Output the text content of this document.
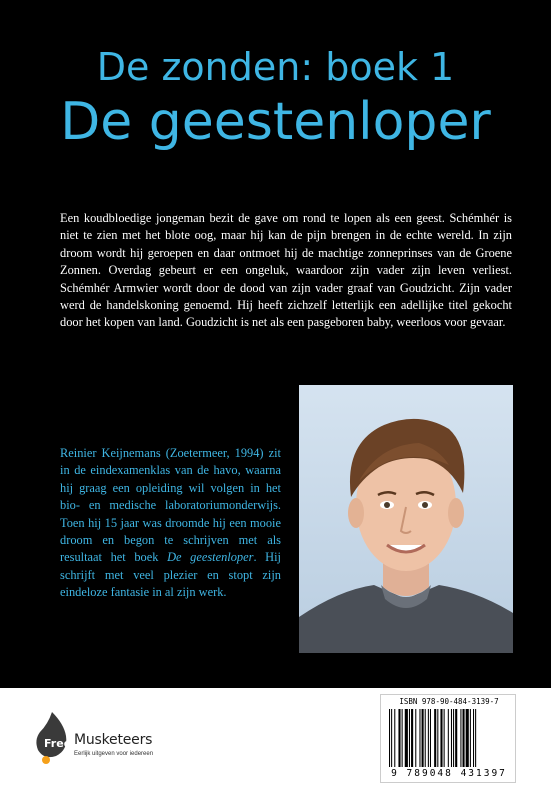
De zonden: boek 1
De geestenloper
Een koudbloedige jongeman bezit de gave om rond te lopen als een geest. Schémhér is niet te zien met het blote oog, maar hij kan de pijn brengen in de echte wereld. In zijn droom wordt hij geroepen en daar ontmoet hij de machtige zonneprinses van de Groene Zonnen. Overdag gebeurt er een ongeluk, waardoor zijn vader zijn leven verliest. Schémhér Armwier wordt door de dood van zijn vader graaf van Goudzicht. Zijn vader werd de handelskoning genoemd. Hij heeft zichzelf letterlijk een adellijke titel gekocht door het kopen van land. Goudzicht is net als een pasgeboren baby, weerloos voor gevaar.
Reinier Keijnemans (Zoetermeer, 1994) zit in de eindexamenklas van de havo, waarna hij graag een opleiding wil volgen in het bio- en medische laboratoriumonderwijs. Toen hij 15 jaar was droomde hij een mooie droom en begon te schrijven met als resultaat het boek De geestenloper. Hij schrijft met veel plezier en stopt zijn eindeloze fantasie in al zijn werk.
Free Musketeers
Eerlijk uitgeven voor iedereen
ISBN 978-90-484-3139-7
9 789048 431397
